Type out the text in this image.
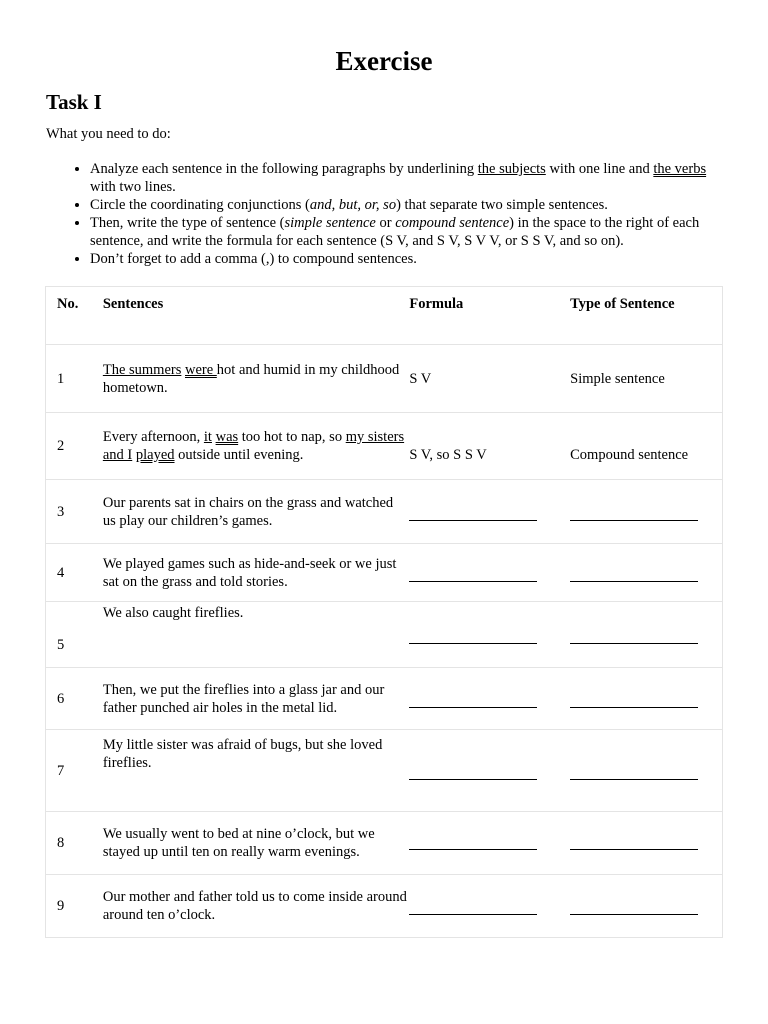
Exercise
Task I
What you need to do:
• Analyze each sentence in the following paragraphs by underlining the subjects with one line and the verbs with two lines.
• Circle the coordinating conjunctions (and, but, or, so) that separate two simple sentences.
• Then, write the type of sentence (simple sentence or compound sentence) in the space to the right of each sentence, and write the formula for each sentence (S V, and S V, S V V, or S S V, and so on).
• Don’t forget to add a comma (,) to compound sentences.
No.	Sentences	Formula	Type of Sentence
1	The summers were hot and humid in my childhood hometown.	S V	Simple sentence
2	Every afternoon, it was too hot to nap, so my sisters and I played outside until evening.	S V, so S S V	Compound sentence
3	Our parents sat in chairs on the grass and watched us play our children’s games.		
4	We played games such as hide-and-seek or we just sat on the grass and told stories.		
5	We also caught fireflies.		
6	Then, we put the fireflies into a glass jar and our father punched air holes in the metal lid.		
7	My little sister was afraid of bugs, but she loved fireflies.		
8	We usually went to bed at nine o’clock, but we stayed up until ten on really warm evenings.		
9	Our mother and father told us to come inside around around ten o’clock.		
